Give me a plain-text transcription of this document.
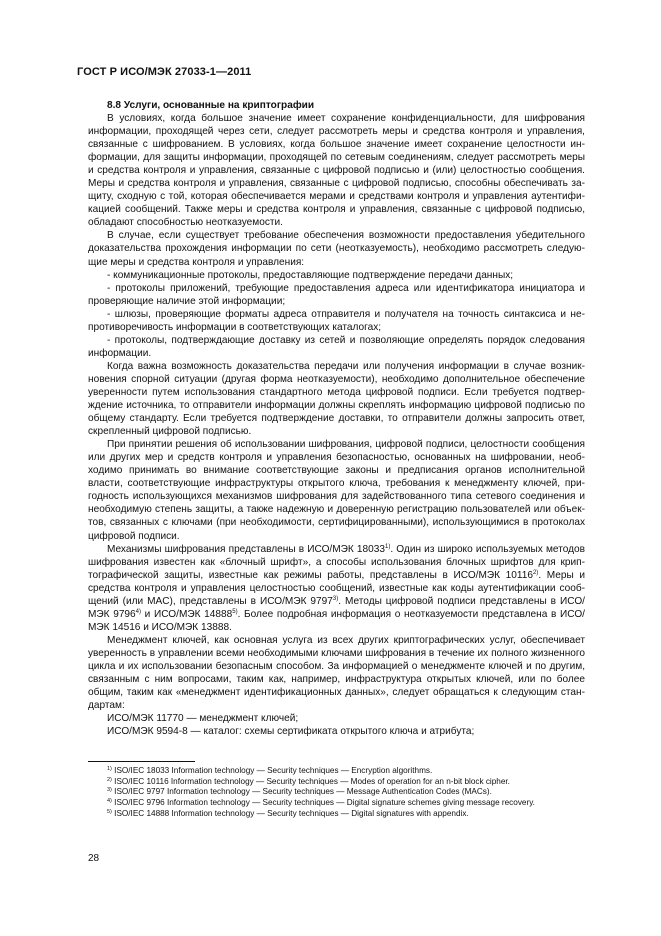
ГОСТ Р ИСО/МЭК 27033-1—2011
8.8 Услуги, основанные на криптографии

В условиях, когда большое значение имеет сохранение конфиденциальности, для шифрования информации, проходящей через сети, следует рассмотреть меры и средства контроля и управления, связанные с шифрованием. В условиях, когда большое значение имеет сохранение целостности информации, для защиты информации, проходящей по сетевым соединениям, следует рассмотреть меры и средства контроля и управления, связанные с цифровой подписью и (или) целостностью сообщения. Меры и средства контроля и управления, связанные с цифровой подписью, способны обеспечивать защиту, сходную с той, которая обеспечивается мерами и средствами контроля и управления аутентификацией сообщений. Также меры и средства контроля и управления, связанные с цифровой подписью, обладают способностью неотказуемости.

В случае, если существует требование обеспечения возможности предоставления убедительного доказательства прохождения информации по сети (неотказуемость), необходимо рассмотреть следующие меры и средства контроля и управления:

- коммуникационные протоколы, предоставляющие подтверждение передачи данных;

- протоколы приложений, требующие предоставления адреса или идентификатора инициатора и проверяющие наличие этой информации;

- шлюзы, проверяющие форматы адреса отправителя и получателя на точность синтаксиса и непротиворечивость информации в соответствующих каталогах;

- протоколы, подтверждающие доставку из сетей и позволяющие определять порядок следования информации.

Когда важна возможность доказательства передачи или получения информации в случае возникновения спорной ситуации (другая форма неотказуемости), необходимо дополнительное обеспечение уверенности путем использования стандартного метода цифровой подписи. Если требуется подтверждение источника, то отправители информации должны скреплять информацию цифровой подписью по общему стандарту. Если требуется подтверждение доставки, то отправители должны запросить ответ, скрепленный цифровой подписью.

При принятии решения об использовании шифрования, цифровой подписи, целостности сообщения или других мер и средств контроля и управления безопасностью, основанных на шифровании, необходимо принимать во внимание соответствующие законы и предписания органов исполнительной власти, соответствующие инфраструктуры открытого ключа, требования к менеджменту ключей, пригодность использующихся механизмов шифрования для задействованного типа сетевого соединения и необходимую степень защиты, а также надежную и доверенную регистрацию пользователей или объектов, связанных с ключами (при необходимости, сертифицированными), использующимися в протоколах цифровой подписи.

Механизмы шифрования представлены в ИСО/МЭК 18033$^{1)}$. Один из широко используемых методов шифрования известен как «блочный шрифт», а способы использования блочных шрифтов для криптографической защиты, известные как режимы работы, представлены в ИСО/МЭК 10116$^{2)}$. Меры и средства контроля и управления целостностью сообщений, известные как коды аутентификации сообщений (или MAC), представлены в ИСО/МЭК 9797$^{3)}$. Методы цифровой подписи представлены в ИСО/МЭК 9796$^{4)}$ и ИСО/МЭК 14888$^{5)}$. Более подробная информация о неотказуемости представлена в ИСО/МЭК 14516 и ИСО/МЭК 13888.

Менеджмент ключей, как основная услуга из всех других криптографических услуг, обеспечивает уверенность в управлении всеми необходимыми ключами шифрования в течение их полного жизненного цикла и их использовании безопасным способом. За информацией о менеджменте ключей и по другим, связанным с ним вопросами, таким как, например, инфраструктура открытых ключей, или по более общим, таким как «менеджмент идентификационных данных», следует обращаться к следующим стандартам:

ИСО/МЭК 11770 — менеджмент ключей;

ИСО/МЭК 9594-8 — каталог: схемы сертификата открытого ключа и атрибута;

$^{1)}$ ISO/IEC 18033 Information technology — Security techniques — Encryption algorithms.

$^{2)}$ ISO/IEC 10116 Information technology — Security techniques — Modes of operation for an n-bit block cipher.

$^{3)}$ ISO/IEC 9797 Information technology — Security techniques — Message Authentication Codes (MACs).

$^{4)}$ ISO/IEC 9796 Information technology — Security techniques — Digital signature schemes giving message recovery.

$^{5)}$ ISO/IEC 14888 Information technology — Security techniques — Digital signatures with appendix.

28
